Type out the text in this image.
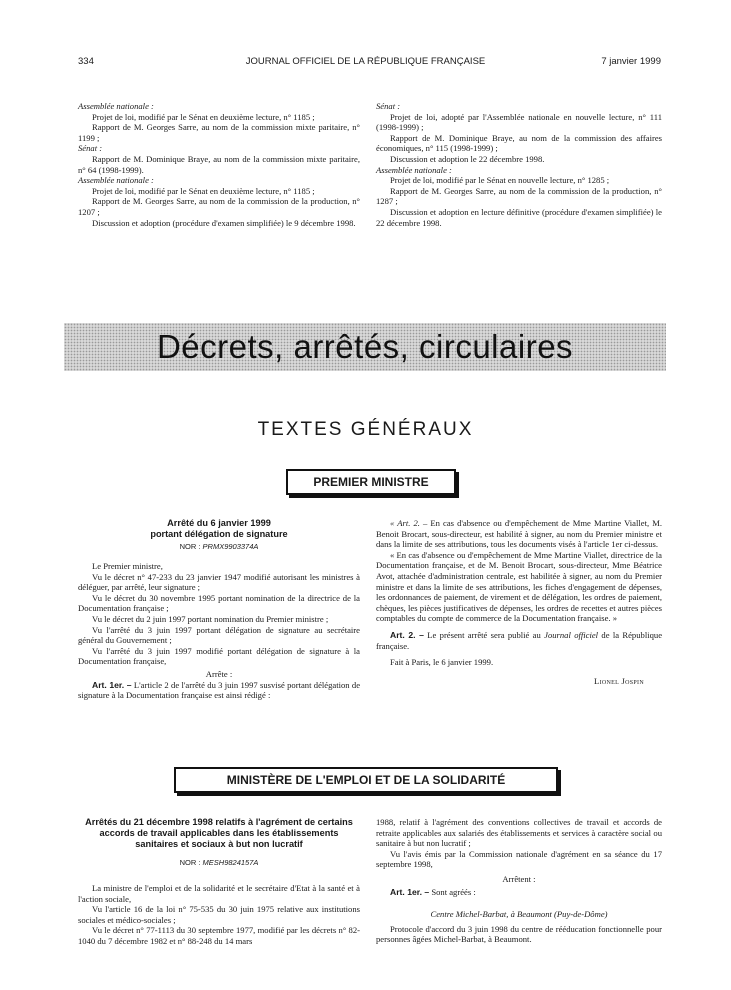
334	JOURNAL OFFICIEL DE LA RÉPUBLIQUE FRANÇAISE	7 janvier 1999

Assemblée nationale :

Projet de loi, modifié par le Sénat en deuxième lecture, n° 1185 ;

Rapport de M. Georges Sarre, au nom de la commission mixte paritaire, n° 1199 ;

Sénat :

Rapport de M. Dominique Braye, au nom de la commission mixte paritaire, n° 64 (1998-1999).

Assemblée nationale :

Projet de loi, modifié par le Sénat en deuxième lecture, n° 1185 ;

Rapport de M. Georges Sarre, au nom de la commission de la production, n° 1207 ;

Discussion et adoption (procédure d'examen simplifiée) le 9 décembre 1998.

Sénat :

Projet de loi, adopté par l'Assemblée nationale en nouvelle lecture, n° 111 (1998-1999) ;

Rapport de M. Dominique Braye, au nom de la commission des affaires économiques, n° 115 (1998-1999) ;

Discussion et adoption le 22 décembre 1998.

Assemblée nationale :

Projet de loi, modifié par le Sénat en nouvelle lecture, n° 1285 ;

Rapport de M. Georges Sarre, au nom de la commission de la production, n° 1287 ;

Discussion et adoption en lecture définitive (procédure d'examen simplifiée) le 22 décembre 1998.

Décrets, arrêtés, circulaires
TEXTES GÉNÉRAUX
PREMIER MINISTRE
Arrêté du 6 janvier 1999
portant délégation de signature
NOR : PRMX9903374A

Le Premier ministre,

Vu le décret n° 47-233 du 23 janvier 1947 modifié autorisant les ministres à déléguer, par arrêté, leur signature ;

Vu le décret du 30 novembre 1995 portant nomination de la directrice de la Documentation française ;

Vu le décret du 2 juin 1997 portant nomination du Premier ministre ;

Vu l'arrêté du 3 juin 1997 portant délégation de signature au secrétaire général du Gouvernement ;

Vu l'arrêté du 3 juin 1997 modifié portant délégation de signature à la Documentation française,

Arrête :

Art. 1er. – L'article 2 de l'arrêté du 3 juin 1997 susvisé portant délégation de signature à la Documentation française est ainsi rédigé :

« Art. 2. – En cas d'absence ou d'empêchement de Mme Martine Viallet, M. Benoit Brocart, sous-directeur, est habilité à signer, au nom du Premier ministre et dans la limite de ses attributions, tous les documents visés à l'article 1er ci-dessus.

« En cas d'absence ou d'empêchement de Mme Martine Viallet, directrice de la Documentation française, et de M. Benoit Brocart, sous-directeur, Mme Béatrice Avot, attachée d'administration centrale, est habilitée à signer, au nom du Premier ministre et dans la limite de ses attributions, les fiches d'engagement de dépenses, les ordonnances de paiement, de virement et de délégation, les ordres de paiement, chèques, les pièces justificatives de dépenses, les ordres de recettes et autres pièces comptables du compte de commerce de la Documentation française. »

Art. 2. – Le présent arrêté sera publié au Journal officiel de la République française.

Fait à Paris, le 6 janvier 1999.

Lionel Jospin

MINISTÈRE DE L'EMPLOI ET DE LA SOLIDARITÉ
Arrêtés du 21 décembre 1998 relatifs à l'agrément de certains accords de travail applicables dans les établissements sanitaires et sociaux à but non lucratif
NOR : MESH9824157A

La ministre de l'emploi et de la solidarité et le secrétaire d'Etat à la santé et à l'action sociale,

Vu l'article 16 de la loi n° 75-535 du 30 juin 1975 relative aux institutions sociales et médico-sociales ;

Vu le décret n° 77-1113 du 30 septembre 1977, modifié par les décrets n° 82-1040 du 7 décembre 1982 et n° 88-248 du 14 mars

1988, relatif à l'agrément des conventions collectives de travail et accords de retraite applicables aux salariés des établissements et services à caractère social ou sanitaire à but non lucratif ;

Vu l'avis émis par la Commission nationale d'agrément en sa séance du 17 septembre 1998,

Arrêtent :

Art. 1er. – Sont agréés :

Centre Michel-Barbat, à Beaumont (Puy-de-Dôme)

Protocole d'accord du 3 juin 1998 du centre de rééducation fonctionnelle pour personnes âgées Michel-Barbat, à Beaumont.
